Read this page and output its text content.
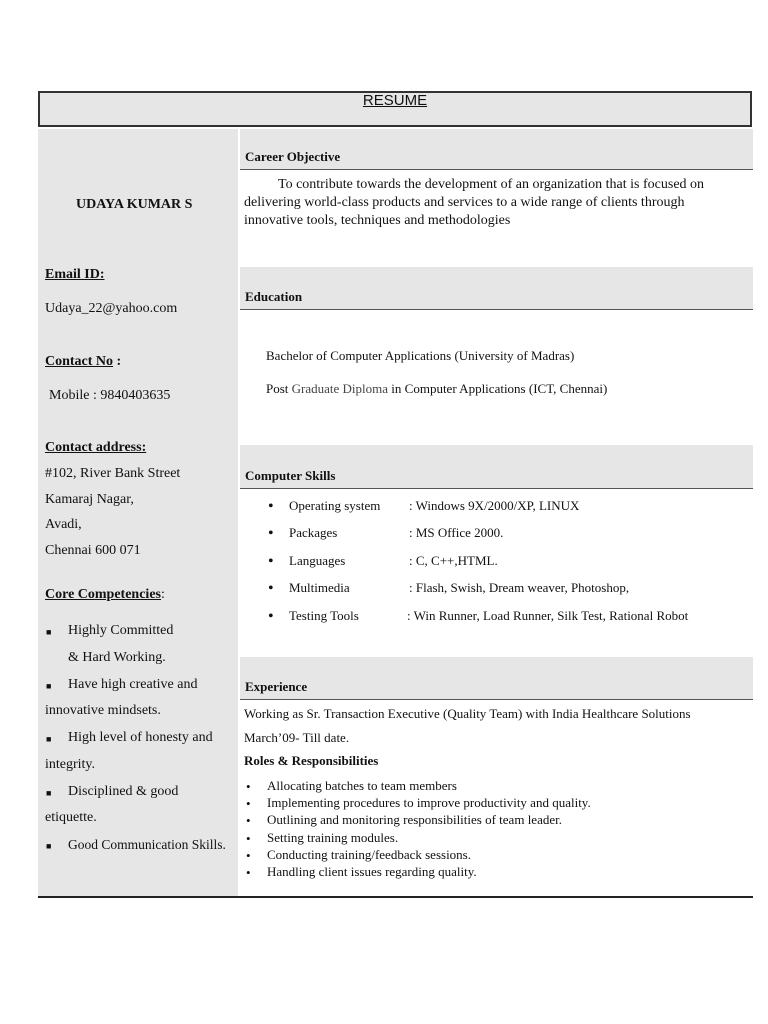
RESUME
UDAYA KUMAR S
Email ID:
Udaya_22@yahoo.com
Contact No :
Mobile : 9840403635
Contact address:
#102, River Bank Street
Kamaraj Nagar,
Avadi,
Chennai 600 071
Core Competencies:
■ Highly Committed
& Hard Working.
■ Have high creative and
innovative mindsets.
■ High level of honesty and
integrity.
■ Disciplined & good
etiquette.
■ Good Communication Skills.
Career Objective
To contribute towards the development of an organization that is focused on delivering world-class products and services to a wide range of clients through innovative tools, techniques and methodologies
Education
Bachelor of Computer Applications (University of Madras)
Post Graduate Diploma in Computer Applications (ICT, Chennai)
Computer Skills
• Operating system : Windows 9X/2000/XP, LINUX
• Packages	: MS Office 2000.
• Languages	: C, C++,HTML.
• Multimedia	: Flash, Swish, Dream weaver, Photoshop,
• Testing Tools	: Win Runner, Load Runner, Silk Test, Rational Robot
Experience
Working as Sr. Transaction Executive (Quality Team) with India Healthcare Solutions
March’09- Till date.
Roles & Responsibilities
• Allocating batches to team members
• Implementing procedures to improve productivity and quality.
• Outlining and monitoring responsibilities of team leader.
• Setting training modules.
• Conducting training/feedback sessions.
• Handling client issues regarding quality.
